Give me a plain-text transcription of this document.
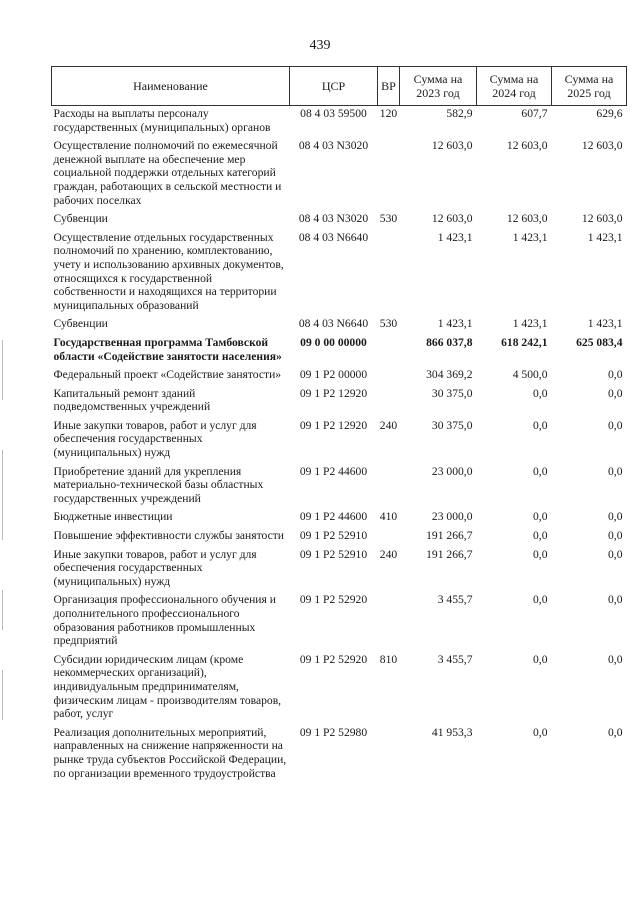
439
Наименование	ЦСР	ВР	Сумма на 2023 год	Сумма на 2024 год	Сумма на 2025 год
Расходы на выплаты персоналу государственных (муниципальных) органов	08 4 03 59500	120	582,9	607,7	629,6
Осуществление полномочий по ежемесячной денежной выплате на обеспечение мер социальной поддержки отдельных категорий граждан, работающих в сельской местности и рабочих поселках	08 4 03 N3020		12 603,0	12 603,0	12 603,0
Субвенции	08 4 03 N3020	530	12 603,0	12 603,0	12 603,0
Осуществление отдельных государственных полномочий по хранению, комплектованию, учету и использованию архивных документов, относящихся к государственной собственности и находящихся на территории муниципальных образований	08 4 03 N6640		1 423,1	1 423,1	1 423,1
Субвенции	08 4 03 N6640	530	1 423,1	1 423,1	1 423,1
Государственная программа Тамбовской области «Содействие занятости населения»	09 0 00 00000		866 037,8	618 242,1	625 083,4
Федеральный проект «Содействие занятости»	09 1 P2 00000		304 369,2	4 500,0	0,0
Капитальный ремонт зданий подведомственных учреждений	09 1 P2 12920		30 375,0	0,0	0,0
Иные закупки товаров, работ и услуг для обеспечения государственных (муниципальных) нужд	09 1 P2 12920	240	30 375,0	0,0	0,0
Приобретение зданий для укрепления материально-технической базы областных государственных учреждений	09 1 P2 44600		23 000,0	0,0	0,0
Бюджетные инвестиции	09 1 P2 44600	410	23 000,0	0,0	0,0
Повышение эффективности службы занятости	09 1 P2 52910		191 266,7	0,0	0,0
Иные закупки товаров, работ и услуг для обеспечения государственных (муниципальных) нужд	09 1 P2 52910	240	191 266,7	0,0	0,0
Организация профессионального обучения и дополнительного профессионального образования работников промышленных предприятий	09 1 P2 52920		3 455,7	0,0	0,0
Субсидии юридическим лицам (кроме некоммерческих организаций), индивидуальным предпринимателям, физическим лицам - производителям товаров, работ, услуг	09 1 P2 52920	810	3 455,7	0,0	0,0
Реализация дополнительных мероприятий, направленных на снижение напряженности на рынке труда субъектов Российской Федерации, по организации временного трудоустройства	09 1 P2 52980		41 953,3	0,0	0,0
